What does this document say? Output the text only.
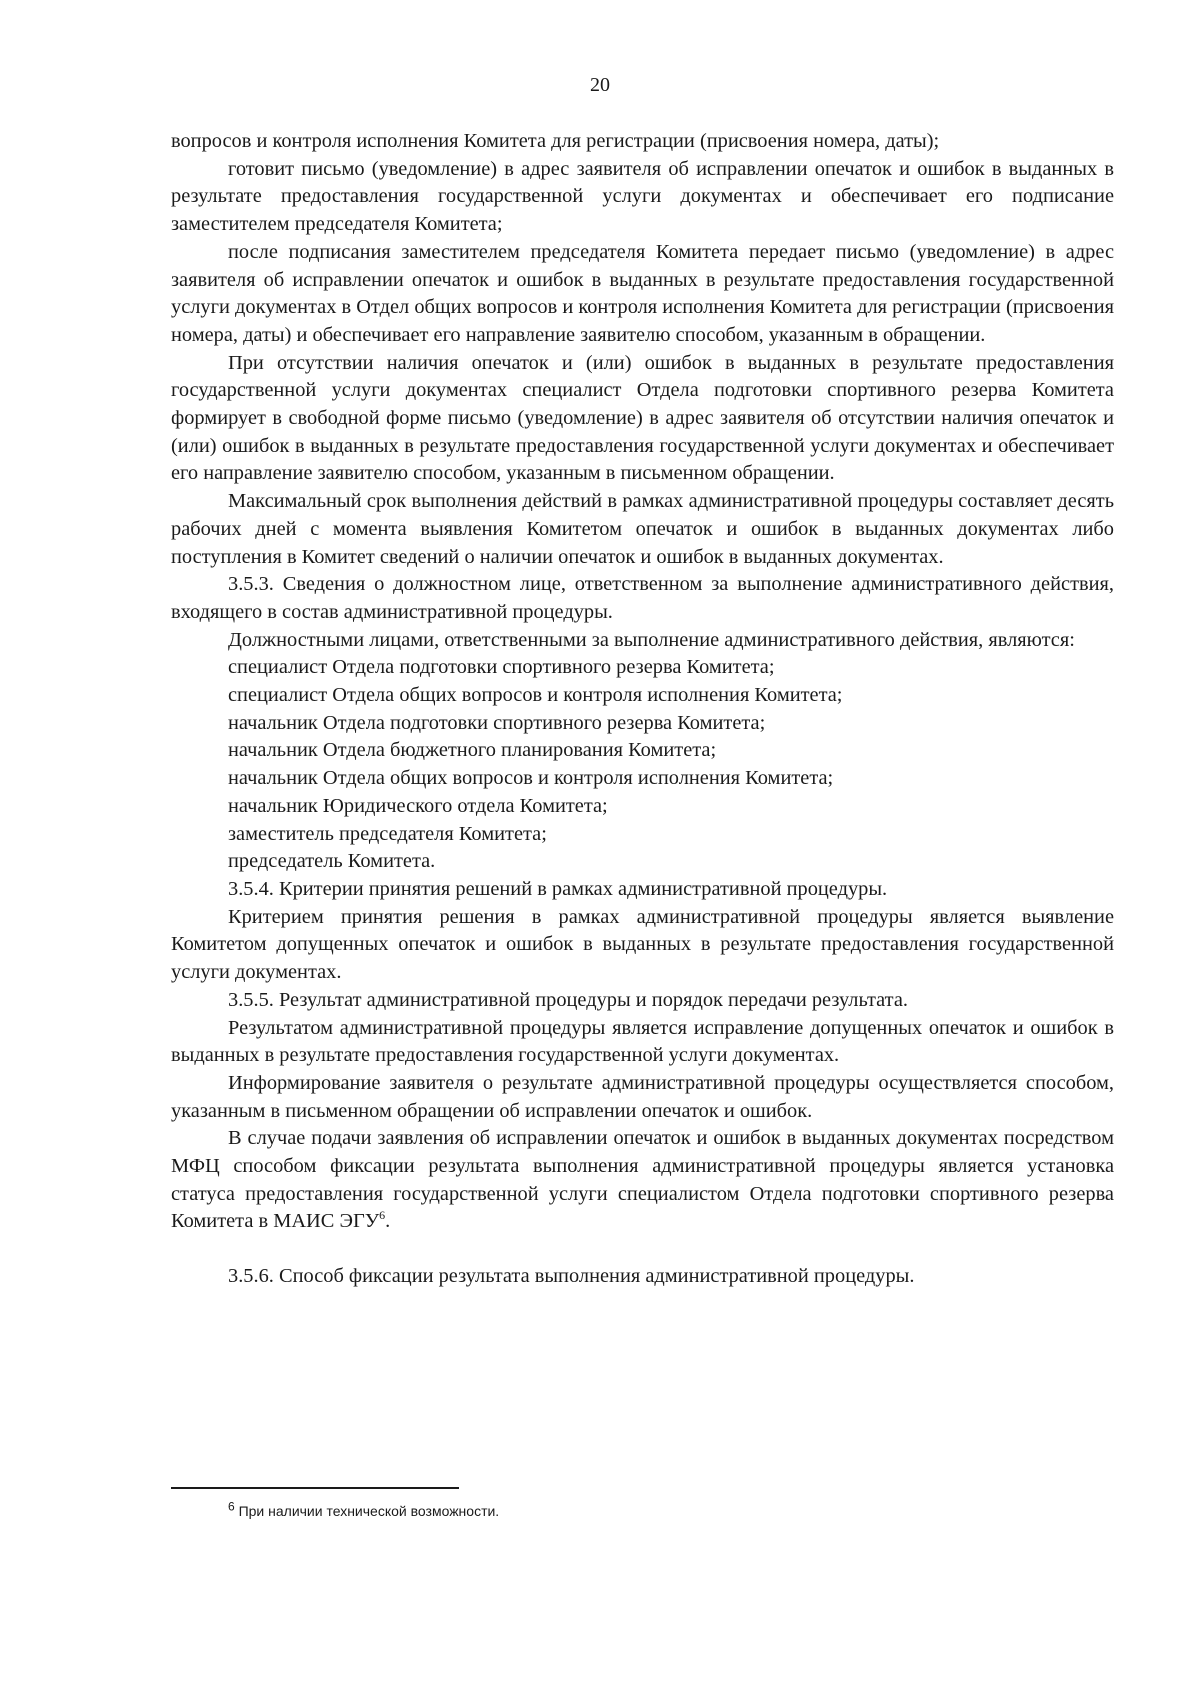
20

вопросов и контроля исполнения Комитета для регистрации (присвоения номера, даты);

готовит письмо (уведомление) в адрес заявителя об исправлении опечаток и ошибок в выданных в результате предоставления государственной услуги документах и обеспечивает его подписание заместителем председателя Комитета;

после подписания заместителем председателя Комитета передает письмо (уведомление) в адрес заявителя об исправлении опечаток и ошибок в выданных в результате предоставления государственной услуги документах в Отдел общих вопросов и контроля исполнения Комитета для регистрации (присвоения номера, даты) и обеспечивает его направление заявителю способом, указанным в обращении.

При отсутствии наличия опечаток и (или) ошибок в выданных в результате предоставления государственной услуги документах специалист Отдела подготовки спортивного резерва Комитета формирует в свободной форме письмо (уведомление) в адрес заявителя об отсутствии наличия опечаток и (или) ошибок в выданных в результате предоставления государственной услуги документах и обеспечивает его направление заявителю способом, указанным в письменном обращении.

Максимальный срок выполнения действий в рамках административной процедуры составляет десять рабочих дней с момента выявления Комитетом опечаток и ошибок в выданных документах либо поступления в Комитет сведений о наличии опечаток и ошибок в выданных документах.

3.5.3. Сведения о должностном лице, ответственном за выполнение административного действия, входящего в состав административной процедуры.

Должностными лицами, ответственными за выполнение административного действия, являются:

специалист Отдела подготовки спортивного резерва Комитета;

специалист Отдела общих вопросов и контроля исполнения Комитета;

начальник Отдела подготовки спортивного резерва Комитета;

начальник Отдела бюджетного планирования Комитета;

начальник Отдела общих вопросов и контроля исполнения Комитета;

начальник Юридического отдела Комитета;

заместитель председателя Комитета;

председатель Комитета.

3.5.4. Критерии принятия решений в рамках административной процедуры.

Критерием принятия решения в рамках административной процедуры является выявление Комитетом допущенных опечаток и ошибок в выданных в результате предоставления государственной услуги документах.

3.5.5. Результат административной процедуры и порядок передачи результата.

Результатом административной процедуры является исправление допущенных опечаток и ошибок в выданных в результате предоставления государственной услуги документах.

Информирование заявителя о результате административной процедуры осуществляется способом, указанным в письменном обращении об исправлении опечаток и ошибок.

В случае подачи заявления об исправлении опечаток и ошибок в выданных документах посредством МФЦ способом фиксации результата выполнения административной процедуры является установка статуса предоставления государственной услуги специалистом Отдела подготовки спортивного резерва Комитета в МАИС ЭГУ$^6$.

3.5.6. Способ фиксации результата выполнения административной процедуры.

$^6$ При наличии технической возможности.
